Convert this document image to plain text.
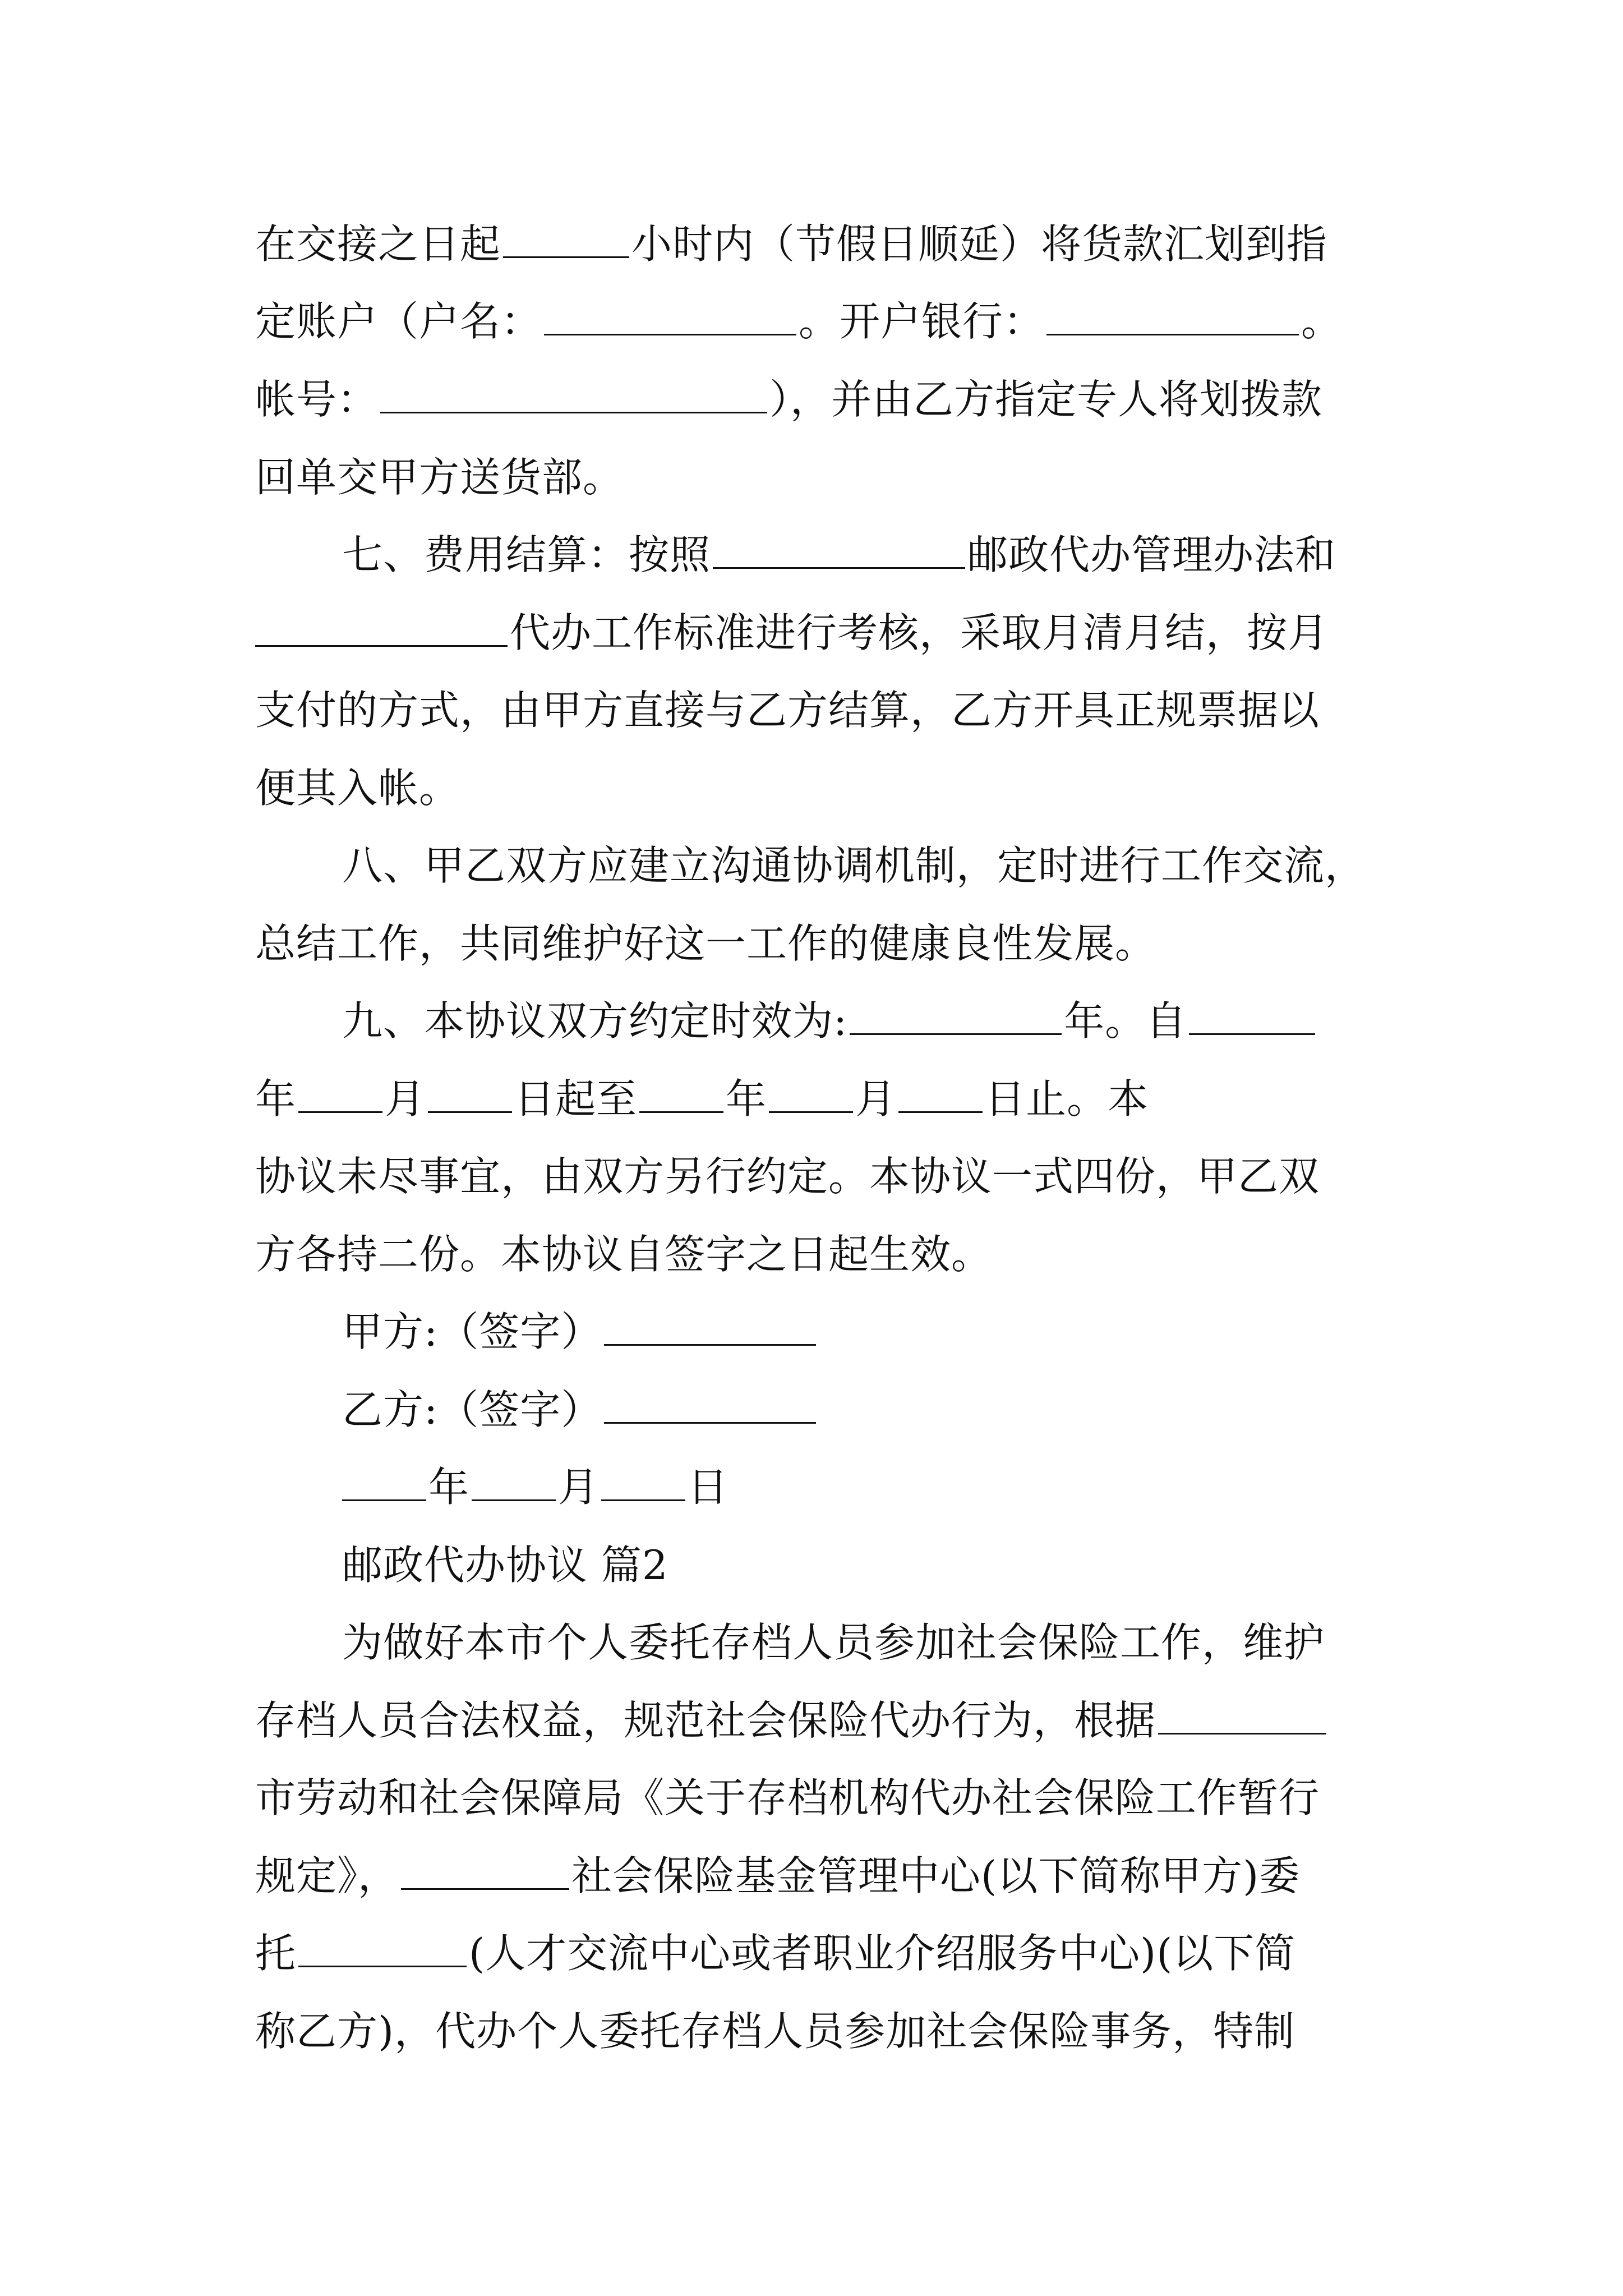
在交接之日起	小时内（节假日顺延）将货款汇划到指
定账户（户名：	。开户银行：	。
帐号：	），并由乙方指定专人将划拨款
回单交甲方送货部。
七、费用结算：按照	邮政代办管理办法和
代办工作标准进行考核，采取月清月结，按月
支付的方式，由甲方直接与乙方结算，乙方开具正规票据以
便其入帐。
八、甲乙双方应建立沟通协调机制，定时进行工作交流，
总结工作，共同维护好这一工作的健康良性发展。
九、本协议双方约定时效为:	年。自
年 月 日起至 年 月 日止。本
协议未尽事宜，由双方另行约定。本协议一式四份，甲乙双
方各持二份。本协议自签字之日起生效。
甲方:（签字）
乙方:（签字）
年 月 日
邮政代办协议 篇2
为做好本市个人委托存档人员参加社会保险工作，维护
存档人员合法权益，规范社会保险代办行为，根据
市劳动和社会保障局《关于存档机构代办社会保险工作暂行
规定》，	社会保险基金管理中心(以下简称甲方)委
托	(人才交流中心或者职业介绍服务中心)(以下简
称乙方)，代办个人委托存档人员参加社会保险事务，特制
